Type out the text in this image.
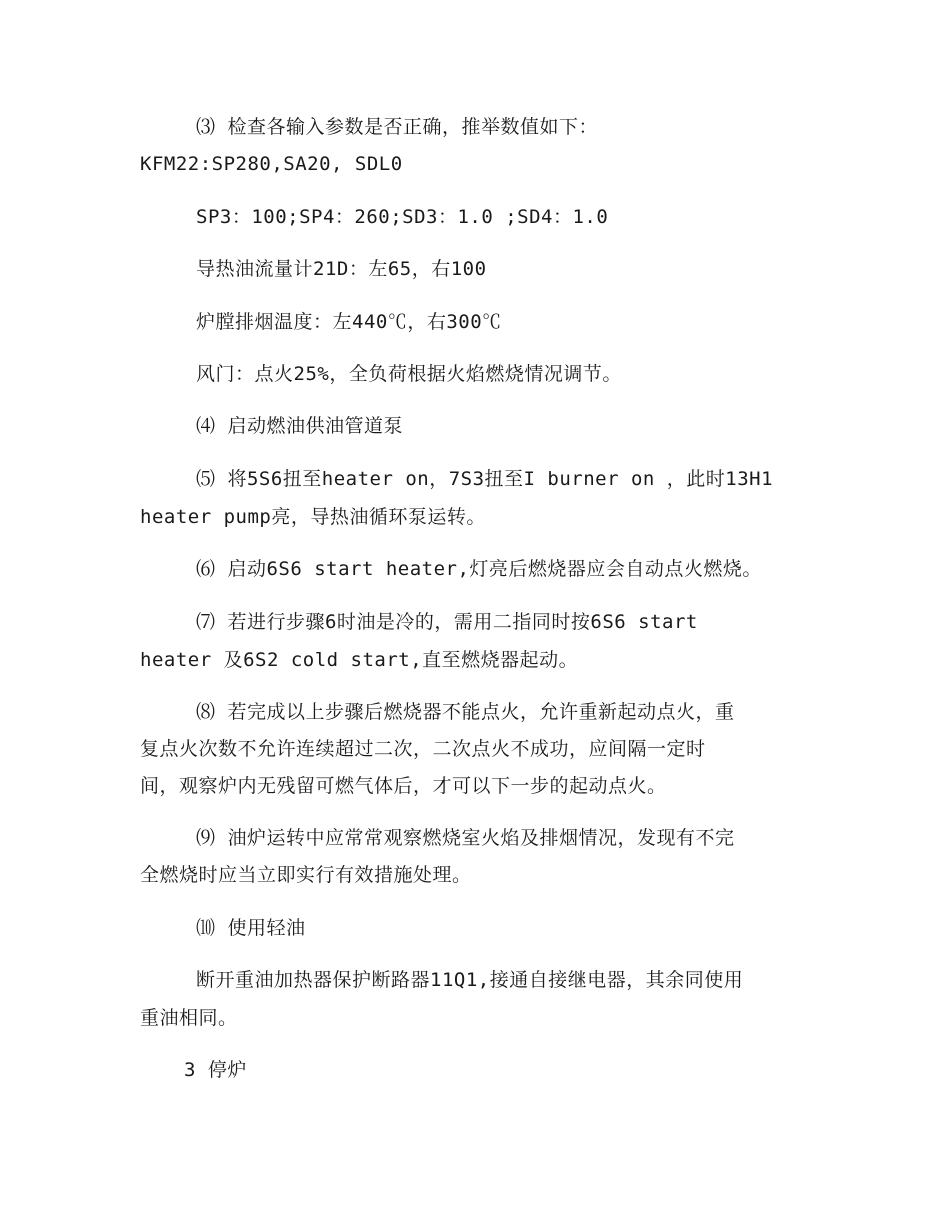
⑶ 检查各输入参数是否正确，推举数值如下：
KFM22:SP280,SA20, SDL0
SP3：100;SP4：260;SD3：1.0 ;SD4：1.0
导热油流量计21D：左65，右100
炉膛排烟温度：左440℃，右300℃
风门：点火25%，全负荷根据火焰燃烧情况调节。
⑷ 启动燃油供油管道泵
⑸ 将5S6扭至heater on，7S3扭至I burner on ，此时13H1
heater pump亮，导热油循环泵运转。
⑹ 启动6S6 start heater,灯亮后燃烧器应会自动点火燃烧。
⑺ 若进行步骤6时油是冷的，需用二指同时按6S6 start
heater 及6S2 cold start,直至燃烧器起动。
⑻ 若完成以上步骤后燃烧器不能点火，允许重新起动点火，重
复点火次数不允许连续超过二次，二次点火不成功，应间隔一定时
间，观察炉内无残留可燃气体后，才可以下一步的起动点火。
⑼ 油炉运转中应常常观察燃烧室火焰及排烟情况，发现有不完
全燃烧时应当立即实行有效措施处理。
⑽ 使用轻油
断开重油加热器保护断路器11Q1,接通自接继电器，其余同使用
重油相同。
3 停炉
